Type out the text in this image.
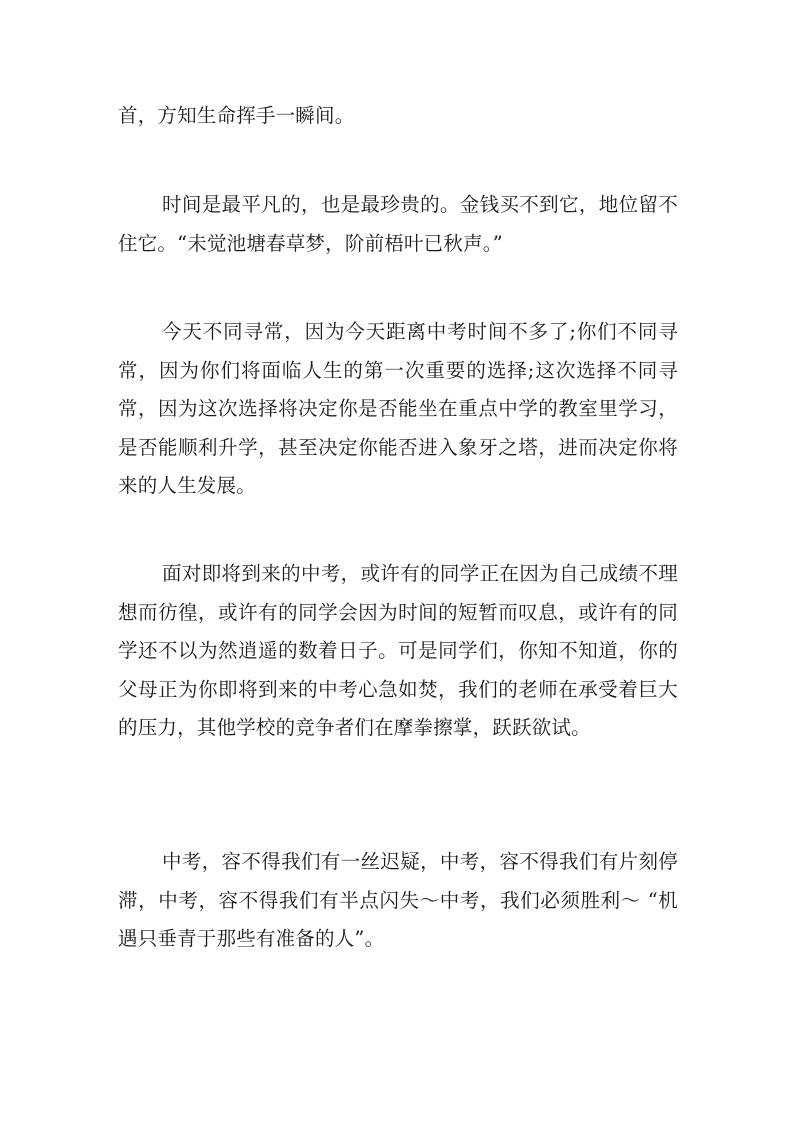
首，方知生命挥手一瞬间。

时间是最平凡的，也是最珍贵的。金钱买不到它，地位留不住它。“未觉池塘春草梦，阶前梧叶已秋声。”

今天不同寻常，因为今天距离中考时间不多了;你们不同寻常，因为你们将面临人生的第一次重要的选择;这次选择不同寻常，因为这次选择将决定你是否能坐在重点中学的教室里学习，是否能顺利升学，甚至决定你能否进入象牙之塔，进而决定你将来的人生发展。

面对即将到来的中考，或许有的同学正在因为自己成绩不理想而彷徨，或许有的同学会因为时间的短暂而叹息，或许有的同学还不以为然逍遥的数着日子。可是同学们，你知不知道，你的父母正为你即将到来的中考心急如焚，我们的老师在承受着巨大的压力，其他学校的竞争者们在摩拳擦掌，跃跃欲试。

中考，容不得我们有一丝迟疑，中考，容不得我们有片刻停滞，中考，容不得我们有半点闪失～中考，我们必须胜利～ “机遇只垂青于那些有准备的人”。
